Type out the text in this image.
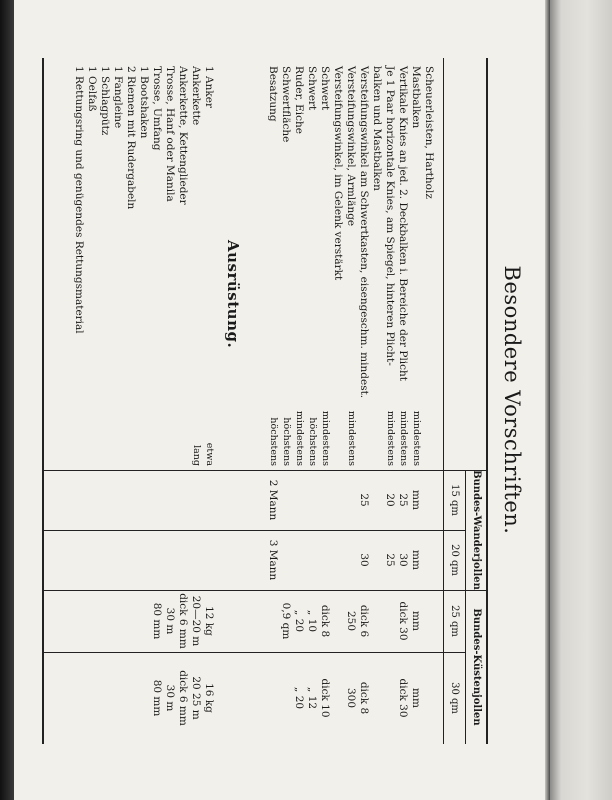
Besondere Vorschriften.
Bundes-Wanderjollen
Bundes-Küstenjollen
15 qm
20 qm
25 qm
30 qm
Scheuerleisten, Hartholz
Mastbalken
mindestens
mm
mm
mm
mm
Vertikale Knies an jed. 2. Deckbalken i. Bereiche der Plicht
mindestens
25
30
dick 30
dick 30
Je 1 Paar horizontale Knies, am Spiegel, hinteren Plicht-
mindestens
20
25
balken und Mastbalken
Versteifungswinkel am Schwertkasten, eisengeschm. mindest.
25
30
dick 6
dick 8
Versteifungswinkel, Armlänge
mindestens
250
300
Versteifungswinkel, im Gelenk verstärkt
Schwert
mindestens
dick 8
dick 10
Schwert
höchstens
„ 10
„ 12
Ruder, Eiche
mindestens
„ 20
„ 20
Schwertfläche
höchstens
0,9 qm
Besatzung
höchstens
2 Mann
3 Mann
Ausrüstung.
1 Anker
etwa
12 kg
16 kg
Ankerkette
lang
20—20 m
20 25 m
Ankerkette, Kettenglieder
dick 6 mm
dick 6 mm
Trosse, Hanf oder Manila
30 m
30 m
Trosse, Umfang
80 mm
80 mm
1 Bootshaken
2 Riemen mit Rudergabeln
1 Fangleine
1 Schlagpütz
1 Oelfaß
1 Rettungsring und genügendes Rettungsmaterial
